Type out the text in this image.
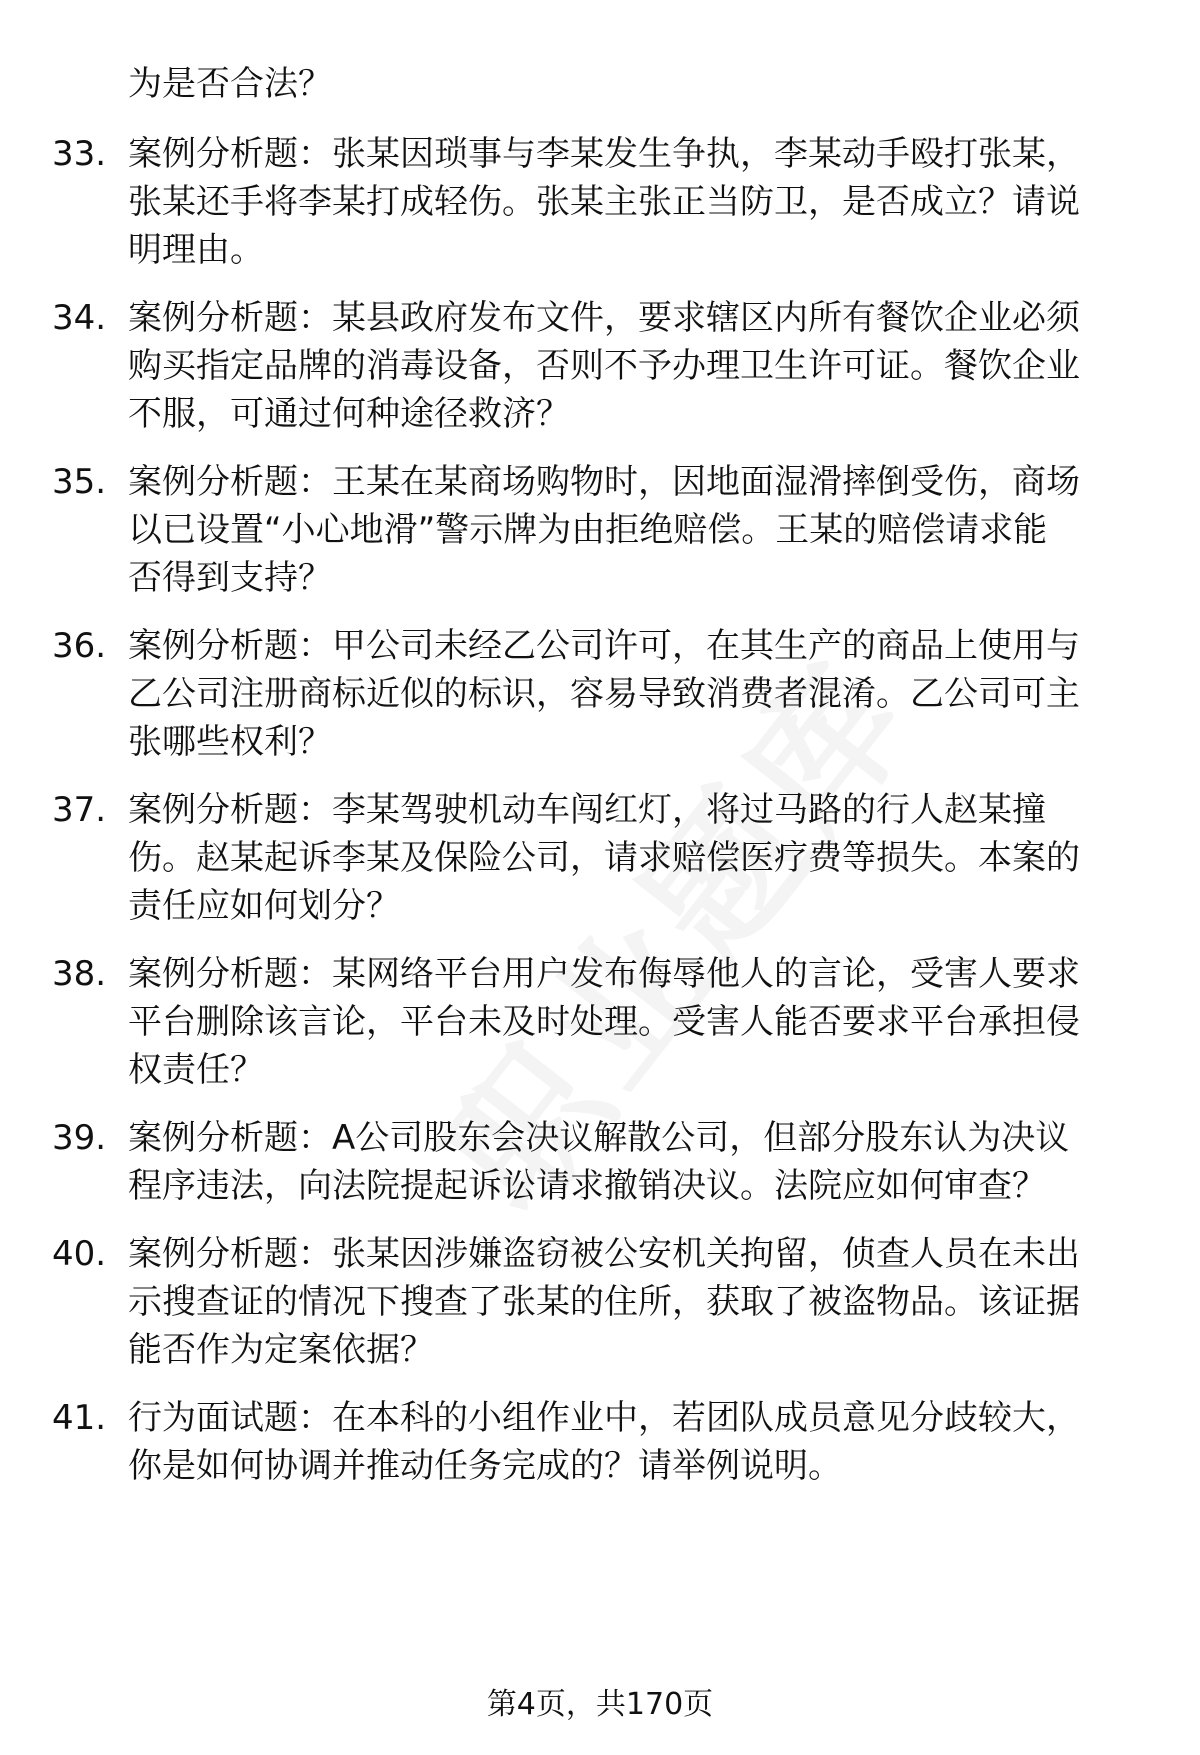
为是否合法？
33. 案例分析题：张某因琐事与李某发生争执，李某动手殴打张某，
张某还手将李某打成轻伤。张某主张正当防卫，是否成立？请说
明理由。
34. 案例分析题：某县政府发布文件，要求辖区内所有餐饮企业必须
购买指定品牌的消毒设备，否则不予办理卫生许可证。餐饮企业
不服，可通过何种途径救济？
35. 案例分析题：王某在某商场购物时，因地面湿滑摔倒受伤，商场
以已设置“小心地滑”警示牌为由拒绝赔偿。王某的赔偿请求能
否得到支持？
36. 案例分析题：甲公司未经乙公司许可，在其生产的商品上使用与
乙公司注册商标近似的标识，容易导致消费者混淆。乙公司可主
张哪些权利？
37. 案例分析题：李某驾驶机动车闯红灯，将过马路的行人赵某撞
伤。赵某起诉李某及保险公司，请求赔偿医疗费等损失。本案的
责任应如何划分？
38. 案例分析题：某网络平台用户发布侮辱他人的言论，受害人要求
平台删除该言论，平台未及时处理。受害人能否要求平台承担侵
权责任？
39. 案例分析题：A公司股东会决议解散公司，但部分股东认为决议
程序违法，向法院提起诉讼请求撤销决议。法院应如何审查？
40. 案例分析题：张某因涉嫌盗窃被公安机关拘留，侦查人员在未出
示搜查证的情况下搜查了张某的住所，获取了被盗物品。该证据
能否作为定案依据？
41. 行为面试题：在本科的小组作业中，若团队成员意见分歧较大，
你是如何协调并推动任务完成的？请举例说明。
第4页，共170页
